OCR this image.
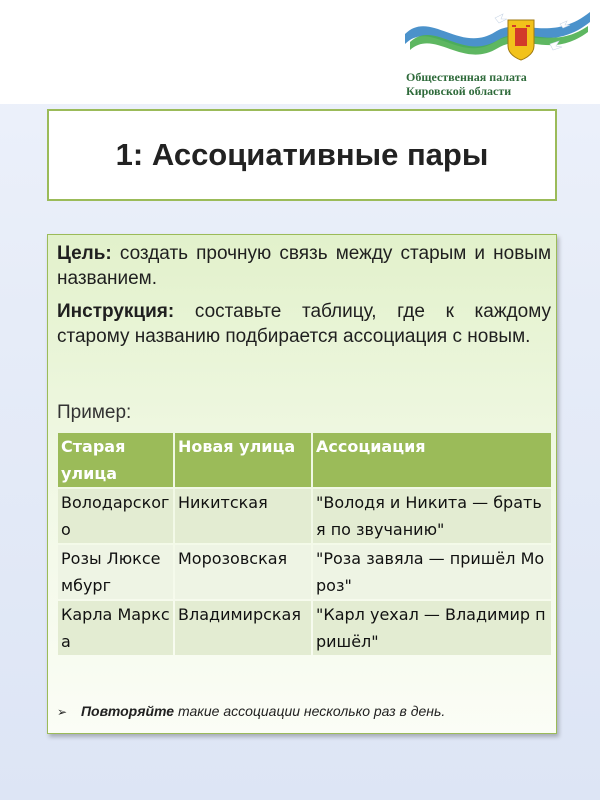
Общественная палата
Кировской области
1: Ассоциативные пары
Цель: создать прочную связь между старым и новым названием.
Инструкция: составьте таблицу, где к каждому старому названию подбирается ассоциация с новым.
Пример:
Старая улица	Новая улица	Ассоциация
Володарского	Никитская	"Володя и Никита — братья по звучанию"
Розы Люксембург	Морозовская	"Роза завяла — пришёл Мороз"
Карла Маркса	Владимирская	"Карл уехал — Владимир пришёл"
➢ Повторяйте такие ассоциации несколько раз в день.
